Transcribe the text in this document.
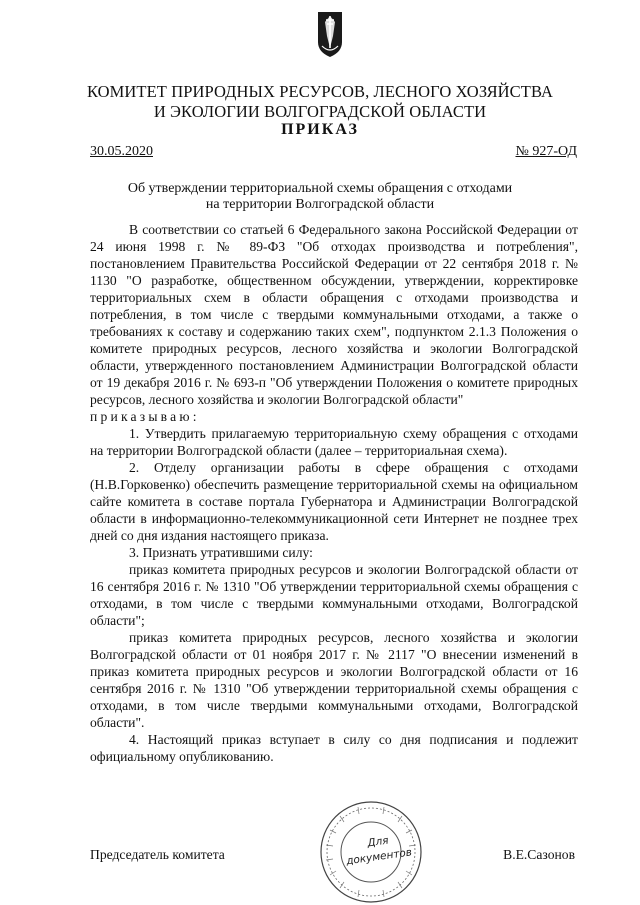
КОМИТЕТ ПРИРОДНЫХ РЕСУРСОВ, ЛЕСНОГО ХОЗЯЙСТВА
И ЭКОЛОГИИ ВОЛГОГРАДСКОЙ ОБЛАСТИ
ПРИКАЗ
30.05.2020	№ 927-ОД
Об утверждении территориальной схемы обращения с отходами
на территории Волгоградской области

В соответствии со статьей 6 Федерального закона Российской Федерации от 24 июня 1998 г. № 89-ФЗ "Об отходах производства и потребления", постановлением Правительства Российской Федерации от 22 сентября 2018 г. № 1130 "О разработке, общественном обсуждении, утверждении, корректировке территориальных схем в области обращения с отходами производства и потребления, в том числе с твердыми коммунальными отходами, а также о требованиях к составу и содержанию таких схем", подпунктом 2.1.3 Положения о комитете природных ресурсов, лесного хозяйства и экологии Волгоградской области, утвержденного постановлением Администрации Волгоградской области от 19 декабря 2016 г. № 693-п "Об утверждении Положения о комитете природных ресурсов, лесного хозяйства и экологии Волгоградской области"

приказываю:

1. Утвердить прилагаемую территориальную схему обращения с отходами на территории Волгоградской области (далее – территориальная схема).

2. Отделу организации работы в сфере обращения с отходами (Н.В.Горковенко) обеспечить размещение территориальной схемы на официальном сайте комитета в составе портала Губернатора и Администрации Волгоградской области в информационно-телекоммуникационной сети Интернет не позднее трех дней со дня издания настоящего приказа.

3. Признать утратившими силу:

приказ комитета природных ресурсов и экологии Волгоградской области от 16 сентября 2016 г. № 1310 "Об утверждении территориальной схемы обращения с отходами, в том числе с твердыми коммунальными отходами, Волгоградской области";

приказ комитета природных ресурсов, лесного хозяйства и экологии Волгоградской области от 01 ноября 2017 г. № 2117 "О внесении изменений в приказ комитета природных ресурсов и экологии Волгоградской области от 16 сентября 2016 г. № 1310 "Об утверждении территориальной схемы обращения с отходами, в том числе твердыми коммунальными отходами, Волгоградской области".

4. Настоящий приказ вступает в силу со дня подписания и подлежит официальному опубликованию.

Для
документов
Председатель комитета	В.Е.Сазонов
